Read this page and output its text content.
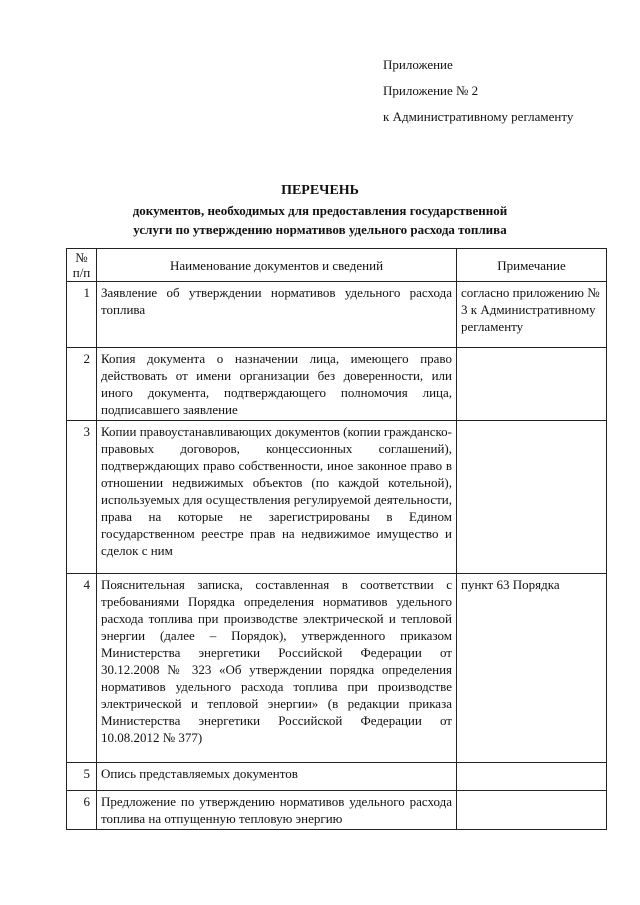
Приложение
Приложение № 2
к Административному регламенту
ПЕРЕЧЕНЬ
документов, необходимых для предоставления государственной
услуги по утверждению нормативов удельного расхода топлива
№
п/п	Наименование документов и сведений	Примечание
1	Заявление об утверждении нормативов удельного расхода топлива	согласно приложению № 3 к Административному регламенту
2	Копия документа о назначении лица, имеющего право действовать от имени организации без доверенности, или иного документа, подтверждающего полномочия лица, подписавшего заявление	
3	Копии правоустанавливающих документов (копии гражданско-правовых договоров, концессионных соглашений), подтверждающих право собственности, иное законное право в отношении недвижимых объектов (по каждой котельной), используемых для осуществления регулируемой деятельности, права на которые не зарегистрированы в Едином государственном реестре прав на недвижимое имущество и сделок с ним	
4	Пояснительная записка, составленная в соответствии с требованиями Порядка определения нормативов удельного расхода топлива при производстве электрической и тепловой энергии (далее – Порядок), утвержденного приказом Министерства энергетики Российской Федерации от 30.12.2008 № 323 «Об утверждении порядка определения нормативов удельного расхода топлива при производстве электрической и тепловой энергии» (в редакции приказа Министерства энергетики Российской Федерации от 10.08.2012 № 377)	пункт 63 Порядка
5	Опись представляемых документов	
6	Предложение по утверждению нормативов удельного расхода топлива на отпущенную тепловую энергию	
